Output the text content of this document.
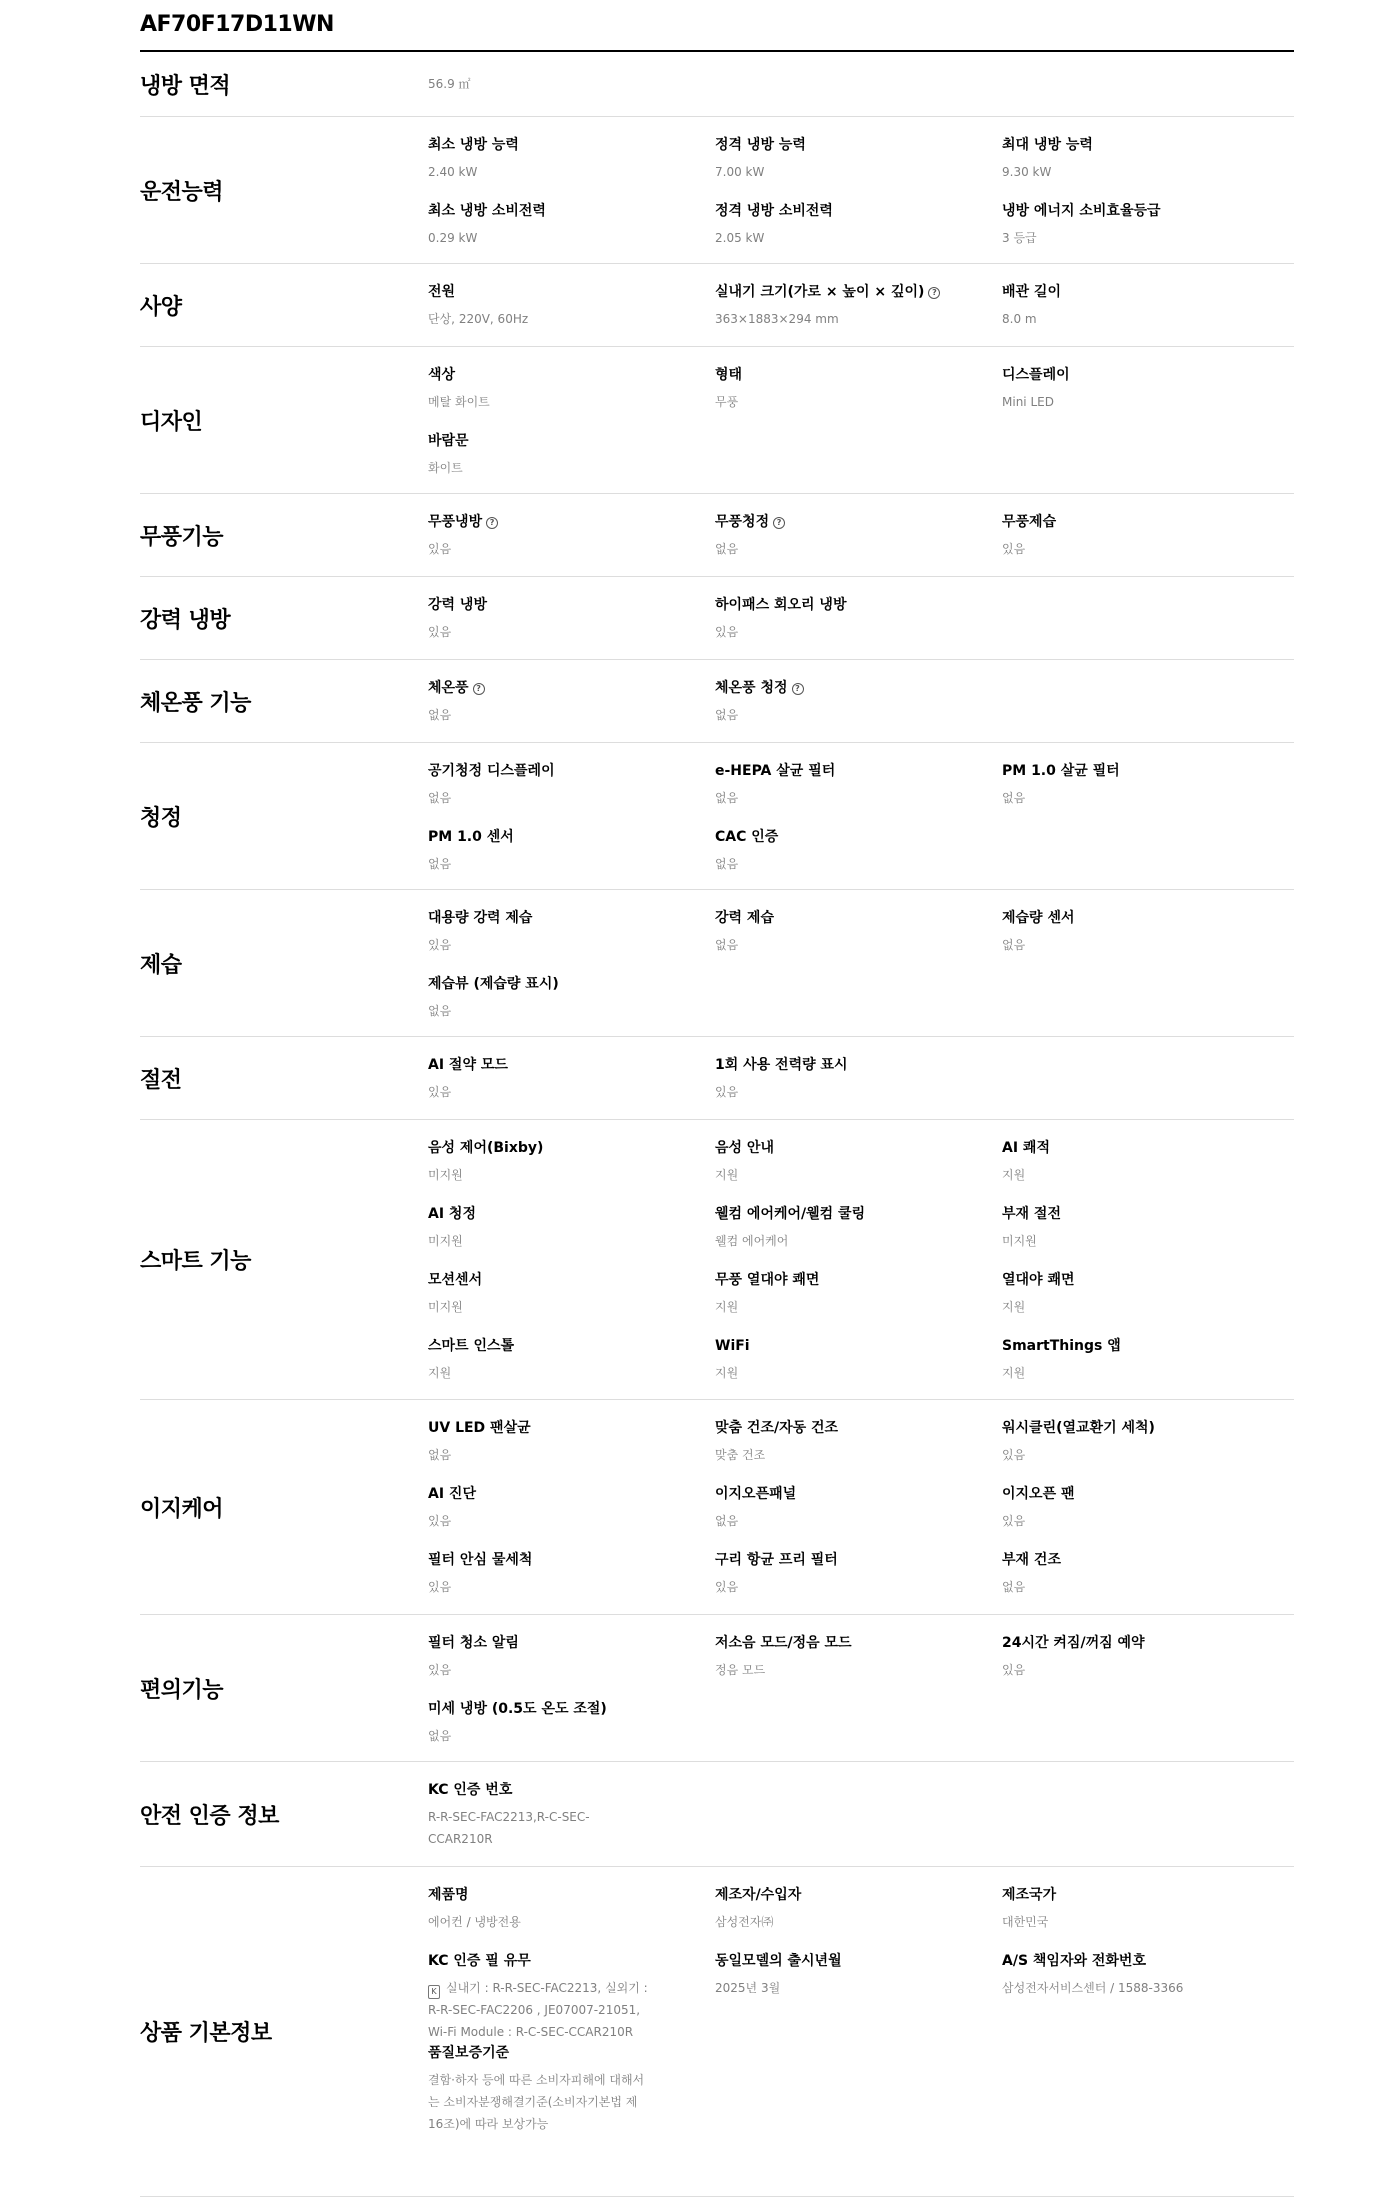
AF70F17D11WN
냉방 면적	56.9 ㎡
운전능력
최소 냉방 능력
2.40 kW
정격 냉방 능력
7.00 kW
최대 냉방 능력
9.30 kW
최소 냉방 소비전력
0.29 kW
정격 냉방 소비전력
2.05 kW
냉방 에너지 소비효율등급
3 등급
사양
전원
단상, 220V, 60Hz
실내기 크기(가로 × 높이 × 깊이) ?
363×1883×294 mm
배관 길이
8.0 m
디자인
색상
메탈 화이트
형태
무풍
디스플레이
Mini LED
바람문
화이트
무풍기능
무풍냉방 ?
있음
무풍청정 ?
없음
무풍제습
있음
강력 냉방
강력 냉방
있음
하이패스 회오리 냉방
있음
체온풍 기능
체온풍 ?
없음
체온풍 청정 ?
없음
청정
공기청정 디스플레이
없음
e-HEPA 살균 필터
없음
PM 1.0 살균 필터
없음
PM 1.0 센서
없음
CAC 인증
없음
제습
대용량 강력 제습
있음
강력 제습
없음
제습량 센서
없음
제습뷰 (제습량 표시)
없음
절전
AI 절약 모드
있음
1회 사용 전력량 표시
있음
스마트 기능
음성 제어(Bixby)
미지원
음성 안내
지원
AI 쾌적
지원
AI 청정
미지원
웰컴 에어케어/웰컴 쿨링
웰컴 에어케어
부재 절전
미지원
모션센서
미지원
무풍 열대야 쾌면
지원
열대야 쾌면
지원
스마트 인스톨
지원
WiFi
지원
SmartThings 앱
지원
이지케어
UV LED 팬살균
없음
맞춤 건조/자동 건조
맞춤 건조
워시클린(열교환기 세척)
있음
AI 진단
있음
이지오픈패널
없음
이지오픈 팬
있음
필터 안심 물세척
있음
구리 항균 프리 필터
있음
부재 건조
없음
편의기능
필터 청소 알림
있음
저소음 모드/정음 모드
정음 모드
24시간 켜짐/꺼짐 예약
있음
미세 냉방 (0.5도 온도 조절)
없음
안전 인증 정보
KC 인증 번호
R-R-SEC-FAC2213,R-C-SEC-CCAR210R
상품 기본정보
제품명
에어컨 / 냉방전용
제조자/수입자
삼성전자㈜
제조국가
대한민국
KC 인증 필 유무
K 실내기 : R-R-SEC-FAC2213, 실외기 : R-R-SEC-FAC2206 , JE07007-21051, Wi-Fi Module : R-C-SEC-CCAR210R
동일모델의 출시년월
2025년 3월
A/S 책임자와 전화번호
삼성전자서비스센터 / 1588-3366
품질보증기준
결함·하자 등에 따른 소비자피해에 대해서는 소비자분쟁해결기준(소비자기본법 제16조)에 따라 보상가능
